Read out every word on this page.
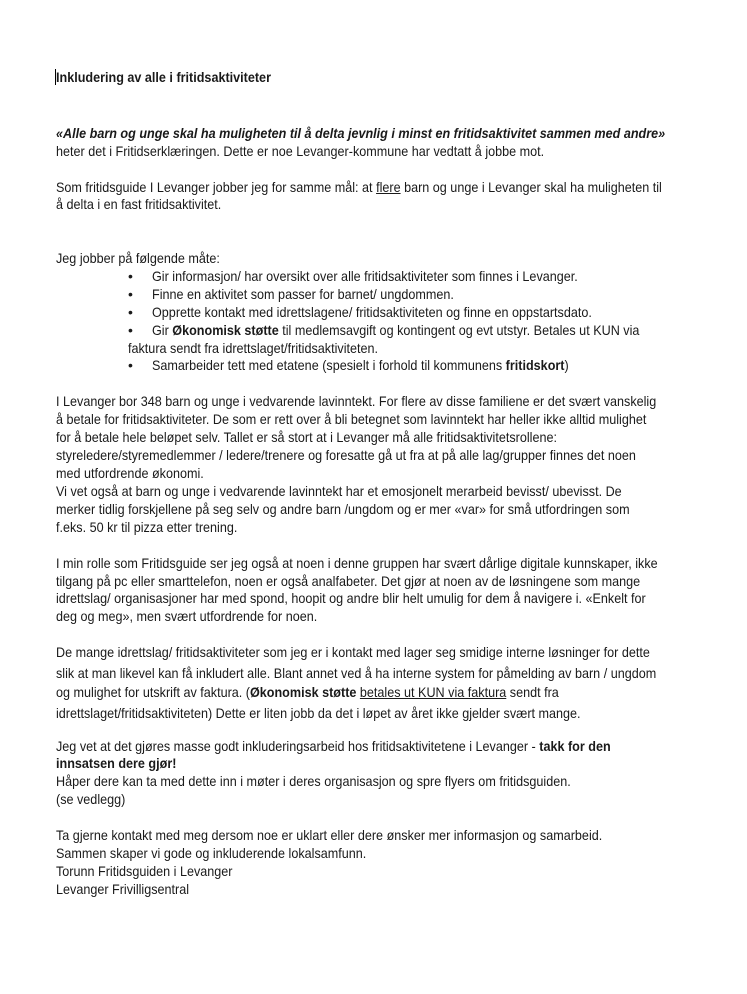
Inkludering av alle i fritidsaktiviteter
«Alle barn og unge skal ha muligheten til å delta jevnlig i minst en fritidsaktivitet sammen med andre»
heter det i Fritidserklæringen. Dette er noe Levanger-kommune har vedtatt å jobbe mot.
Som fritidsguide I Levanger jobber jeg for samme mål: at flere barn og unge i Levanger skal ha muligheten til
å delta i en fast fritidsaktivitet.
Jeg jobber på følgende måte:
• Gir informasjon/ har oversikt over alle fritidsaktiviteter som finnes i Levanger.
• Finne en aktivitet som passer for barnet/ ungdommen.
• Opprette kontakt med idrettslagene/ fritidsaktiviteten og finne en oppstartsdato.
• Gir Økonomisk støtte til medlemsavgift og kontingent og evt utstyr. Betales ut KUN via
faktura sendt fra idrettslaget/fritidsaktiviteten.
• Samarbeider tett med etatene (spesielt i forhold til kommunens fritidskort)
I Levanger bor 348 barn og unge i vedvarende lavinntekt. For flere av disse familiene er det svært vanskelig
å betale for fritidsaktiviteter. De som er rett over å bli betegnet som lavinntekt har heller ikke alltid mulighet
for å betale hele beløpet selv. Tallet er så stort at i Levanger må alle fritidsaktivitetsrollene:
styreledere/styremedlemmer / ledere/trenere og foresatte gå ut fra at på alle lag/grupper finnes det noen
med utfordrende økonomi.
Vi vet også at barn og unge i vedvarende lavinntekt har et emosjonelt merarbeid bevisst/ ubevisst. De
merker tidlig forskjellene på seg selv og andre barn /ungdom og er mer «var» for små utfordringen som
f.eks. 50 kr til pizza etter trening.
I min rolle som Fritidsguide ser jeg også at noen i denne gruppen har svært dårlige digitale kunnskaper, ikke
tilgang på pc eller smarttelefon, noen er også analfabeter. Det gjør at noen av de løsningene som mange
idrettslag/ organisasjoner har med spond, hoopit og andre blir helt umulig for dem å navigere i. «Enkelt for
deg og meg», men svært utfordrende for noen.
De mange idrettslag/ fritidsaktiviteter som jeg er i kontakt med lager seg smidige interne løsninger for dette
slik at man likevel kan få inkludert alle. Blant annet ved å ha interne system for påmelding av barn / ungdom
og mulighet for utskrift av faktura. (Økonomisk støtte betales ut KUN via faktura sendt fra
idrettslaget/fritidsaktiviteten) Dette er liten jobb da det i løpet av året ikke gjelder svært mange.
Jeg vet at det gjøres masse godt inkluderingsarbeid hos fritidsaktivitetene i Levanger - takk for den
innsatsen dere gjør!
Håper dere kan ta med dette inn i møter i deres organisasjon og spre flyers om fritidsguiden.
(se vedlegg)
Ta gjerne kontakt med meg dersom noe er uklart eller dere ønsker mer informasjon og samarbeid.
Sammen skaper vi gode og inkluderende lokalsamfunn.
Torunn Fritidsguiden i Levanger
Levanger Frivilligsentral
